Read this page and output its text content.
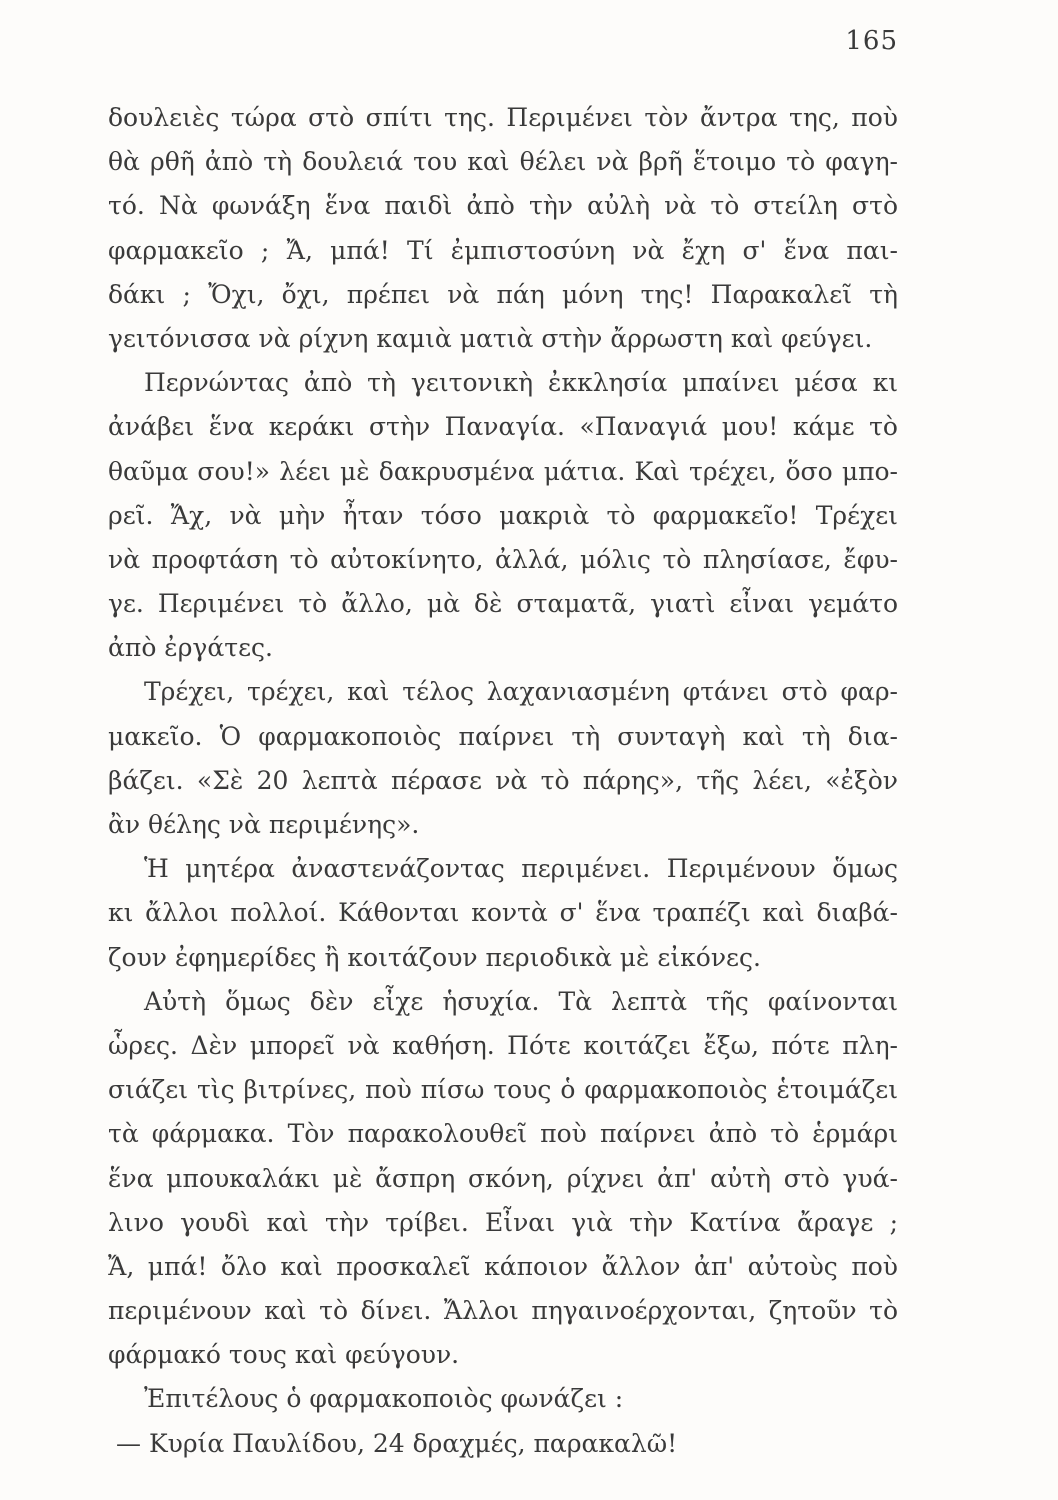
165
δουλειὲς τώρα στὸ σπίτι της. Περιμένει τὸν ἄντρα της, ποὺ
θὰ ρθῆ ἀπὸ τὴ δουλειά του καὶ θέλει νὰ βρῆ ἕτοιμο τὸ φαγη-
τό. Νὰ φωνάξη ἕνα παιδὶ ἀπὸ τὴν αὐλὴ νὰ τὸ στείλη στὸ
φαρμακεῖο ; Ἄ, μπά! Τί ἐμπιστοσύνη νὰ ἔχη σ' ἕνα παι-
δάκι ; Ὄχι, ὄχι, πρέπει νὰ πάη μόνη της! Παρακαλεῖ τὴ
γειτόνισσα νὰ ρίχνη καμιὰ ματιὰ στὴν ἄρρωστη καὶ φεύγει.
Περνώντας ἀπὸ τὴ γειτονικὴ ἐκκλησία μπαίνει μέσα κι
ἀνάβει ἕνα κεράκι στὴν Παναγία. «Παναγιά μου! κάμε τὸ
θαῦμα σου!» λέει μὲ δακρυσμένα μάτια. Καὶ τρέχει, ὅσο μπο-
ρεῖ. Ἄχ, νὰ μὴν ἦταν τόσο μακριὰ τὸ φαρμακεῖο! Τρέχει
νὰ προφτάση τὸ αὐτοκίνητο, ἀλλά, μόλις τὸ πλησίασε, ἔφυ-
γε. Περιμένει τὸ ἄλλο, μὰ δὲ σταματᾶ, γιατὶ εἶναι γεμάτο
ἀπὸ ἐργάτες.
Τρέχει, τρέχει, καὶ τέλος λαχανιασμένη φτάνει στὸ φαρ-
μακεῖο. Ὁ φαρμακοποιὸς παίρνει τὴ συνταγὴ καὶ τὴ δια-
βάζει. «Σὲ 20 λεπτὰ πέρασε νὰ τὸ πάρης», τῆς λέει, «ἐξὸν
ἂν θέλης νὰ περιμένης».
Ἡ μητέρα ἀναστενάζοντας περιμένει. Περιμένουν ὅμως
κι ἄλλοι πολλοί. Κάθονται κοντὰ σ' ἕνα τραπέζι καὶ διαβά-
ζουν ἐφημερίδες ἢ κοιτάζουν περιοδικὰ μὲ εἰκόνες.
Αὐτὴ ὅμως δὲν εἶχε ἡσυχία. Τὰ λεπτὰ τῆς φαίνονται
ὧρες. Δὲν μπορεῖ νὰ καθήση. Πότε κοιτάζει ἔξω, πότε πλη-
σιάζει τὶς βιτρίνες, ποὺ πίσω τους ὁ φαρμακοποιὸς ἑτοιμάζει
τὰ φάρμακα. Τὸν παρακολουθεῖ ποὺ παίρνει ἀπὸ τὸ ἑρμάρι
ἕνα μπουκαλάκι μὲ ἄσπρη σκόνη, ρίχνει ἀπ' αὐτὴ στὸ γυά-
λινο γουδὶ καὶ τὴν τρίβει. Εἶναι γιὰ τὴν Κατίνα ἄραγε ;
Ἄ, μπά! ὄλο καὶ προσκαλεῖ κάποιον ἄλλον ἀπ' αὐτοὺς ποὺ
περιμένουν καὶ τὸ δίνει. Ἄλλοι πηγαινοέρχονται, ζητοῦν τὸ
φάρμακό τους καὶ φεύγουν.
Ἐπιτέλους ὁ φαρμακοποιὸς φωνάζει :
— Κυρία Παυλίδου, 24 δραχμές, παρακαλῶ!
